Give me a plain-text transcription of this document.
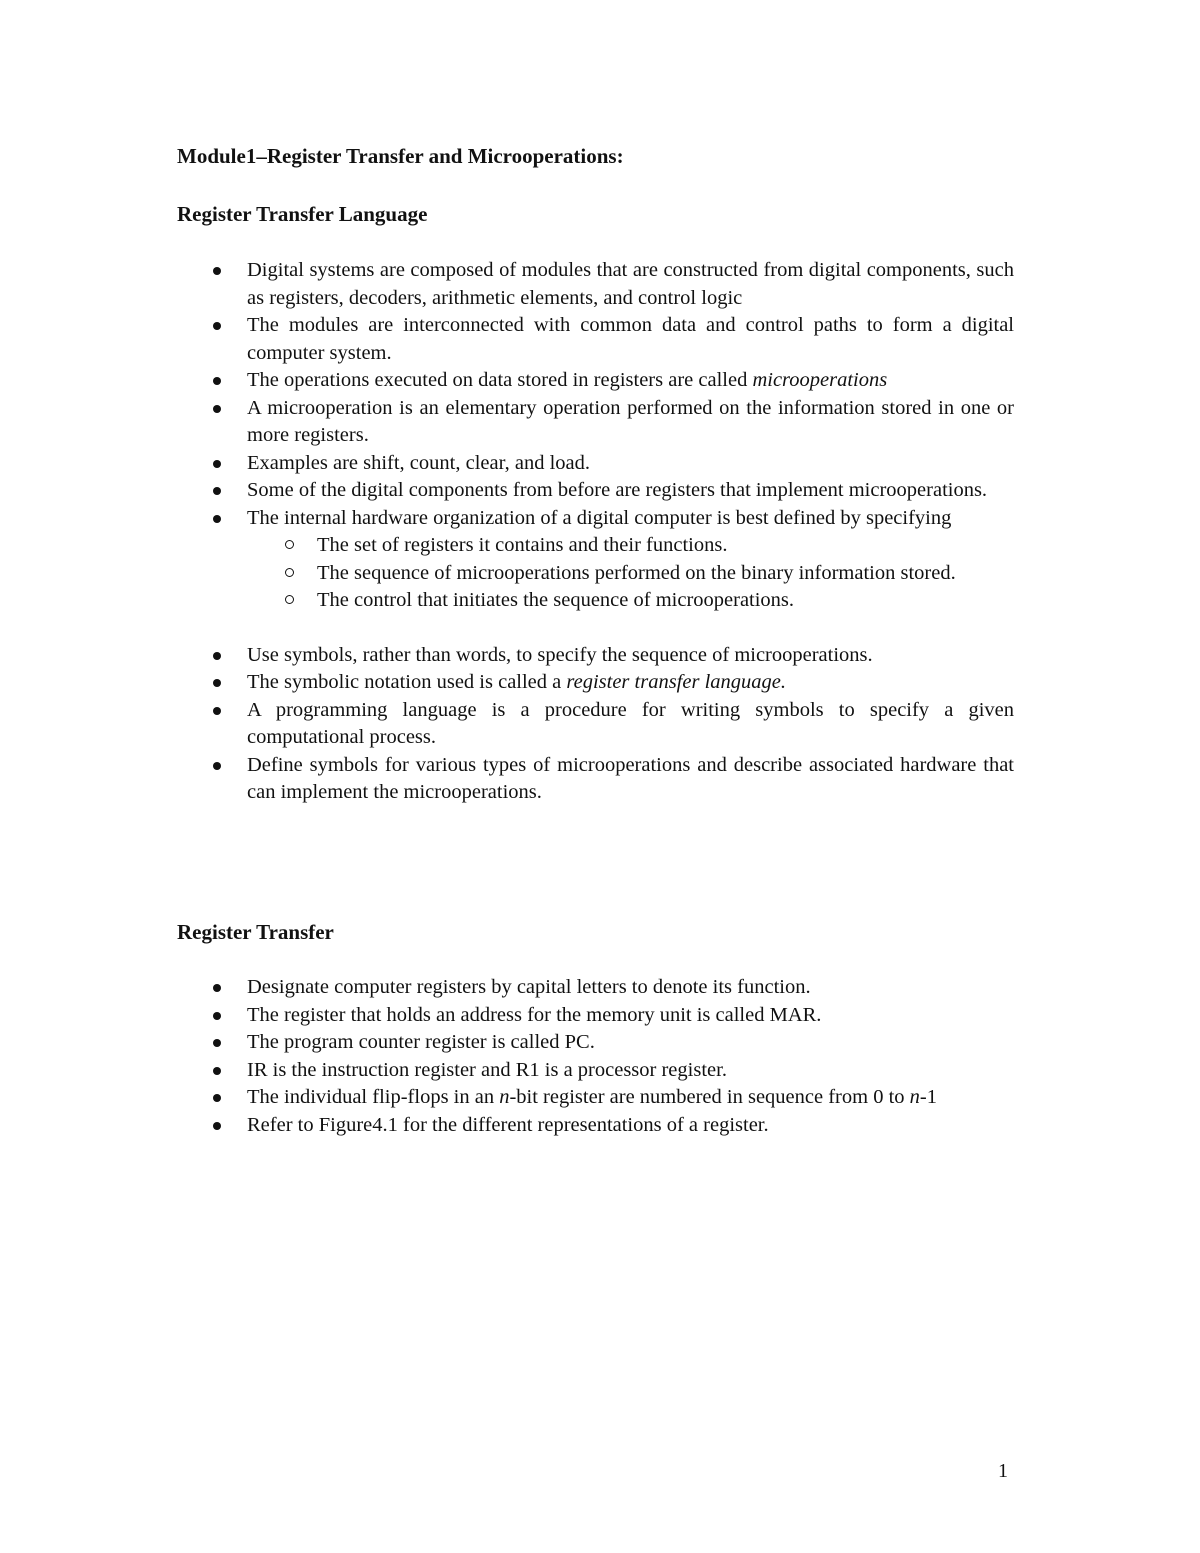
Module1–Register Transfer and Microoperations:
Register Transfer Language
Digital systems are composed of modules that are constructed from digital components, such as registers, decoders, arithmetic elements, and control logic
The modules are interconnected with common data and control paths to form a digital computer system.
The operations executed on data stored in registers are called microoperations
A microoperation is an elementary operation performed on the information stored in one or more registers.
Examples are shift, count, clear, and load.
Some of the digital components from before are registers that implement microoperations.
The internal hardware organization of a digital computer is best defined by specifying
The set of registers it contains and their functions.
The sequence of microoperations performed on the binary information stored.
The control that initiates the sequence of microoperations.
Use symbols, rather than words, to specify the sequence of microoperations.
The symbolic notation used is called a register transfer language.
A programming language is a procedure for writing symbols to specify a given computational process.
Define symbols for various types of microoperations and describe associated hardware that can implement the microoperations.
Register Transfer
Designate computer registers by capital letters to denote its function.
The register that holds an address for the memory unit is called MAR.
The program counter register is called PC.
IR is the instruction register and R1 is a processor register.
The individual flip-flops in an n-bit register are numbered in sequence from 0 to n-1
Refer to Figure4.1 for the different representations of a register.
1
